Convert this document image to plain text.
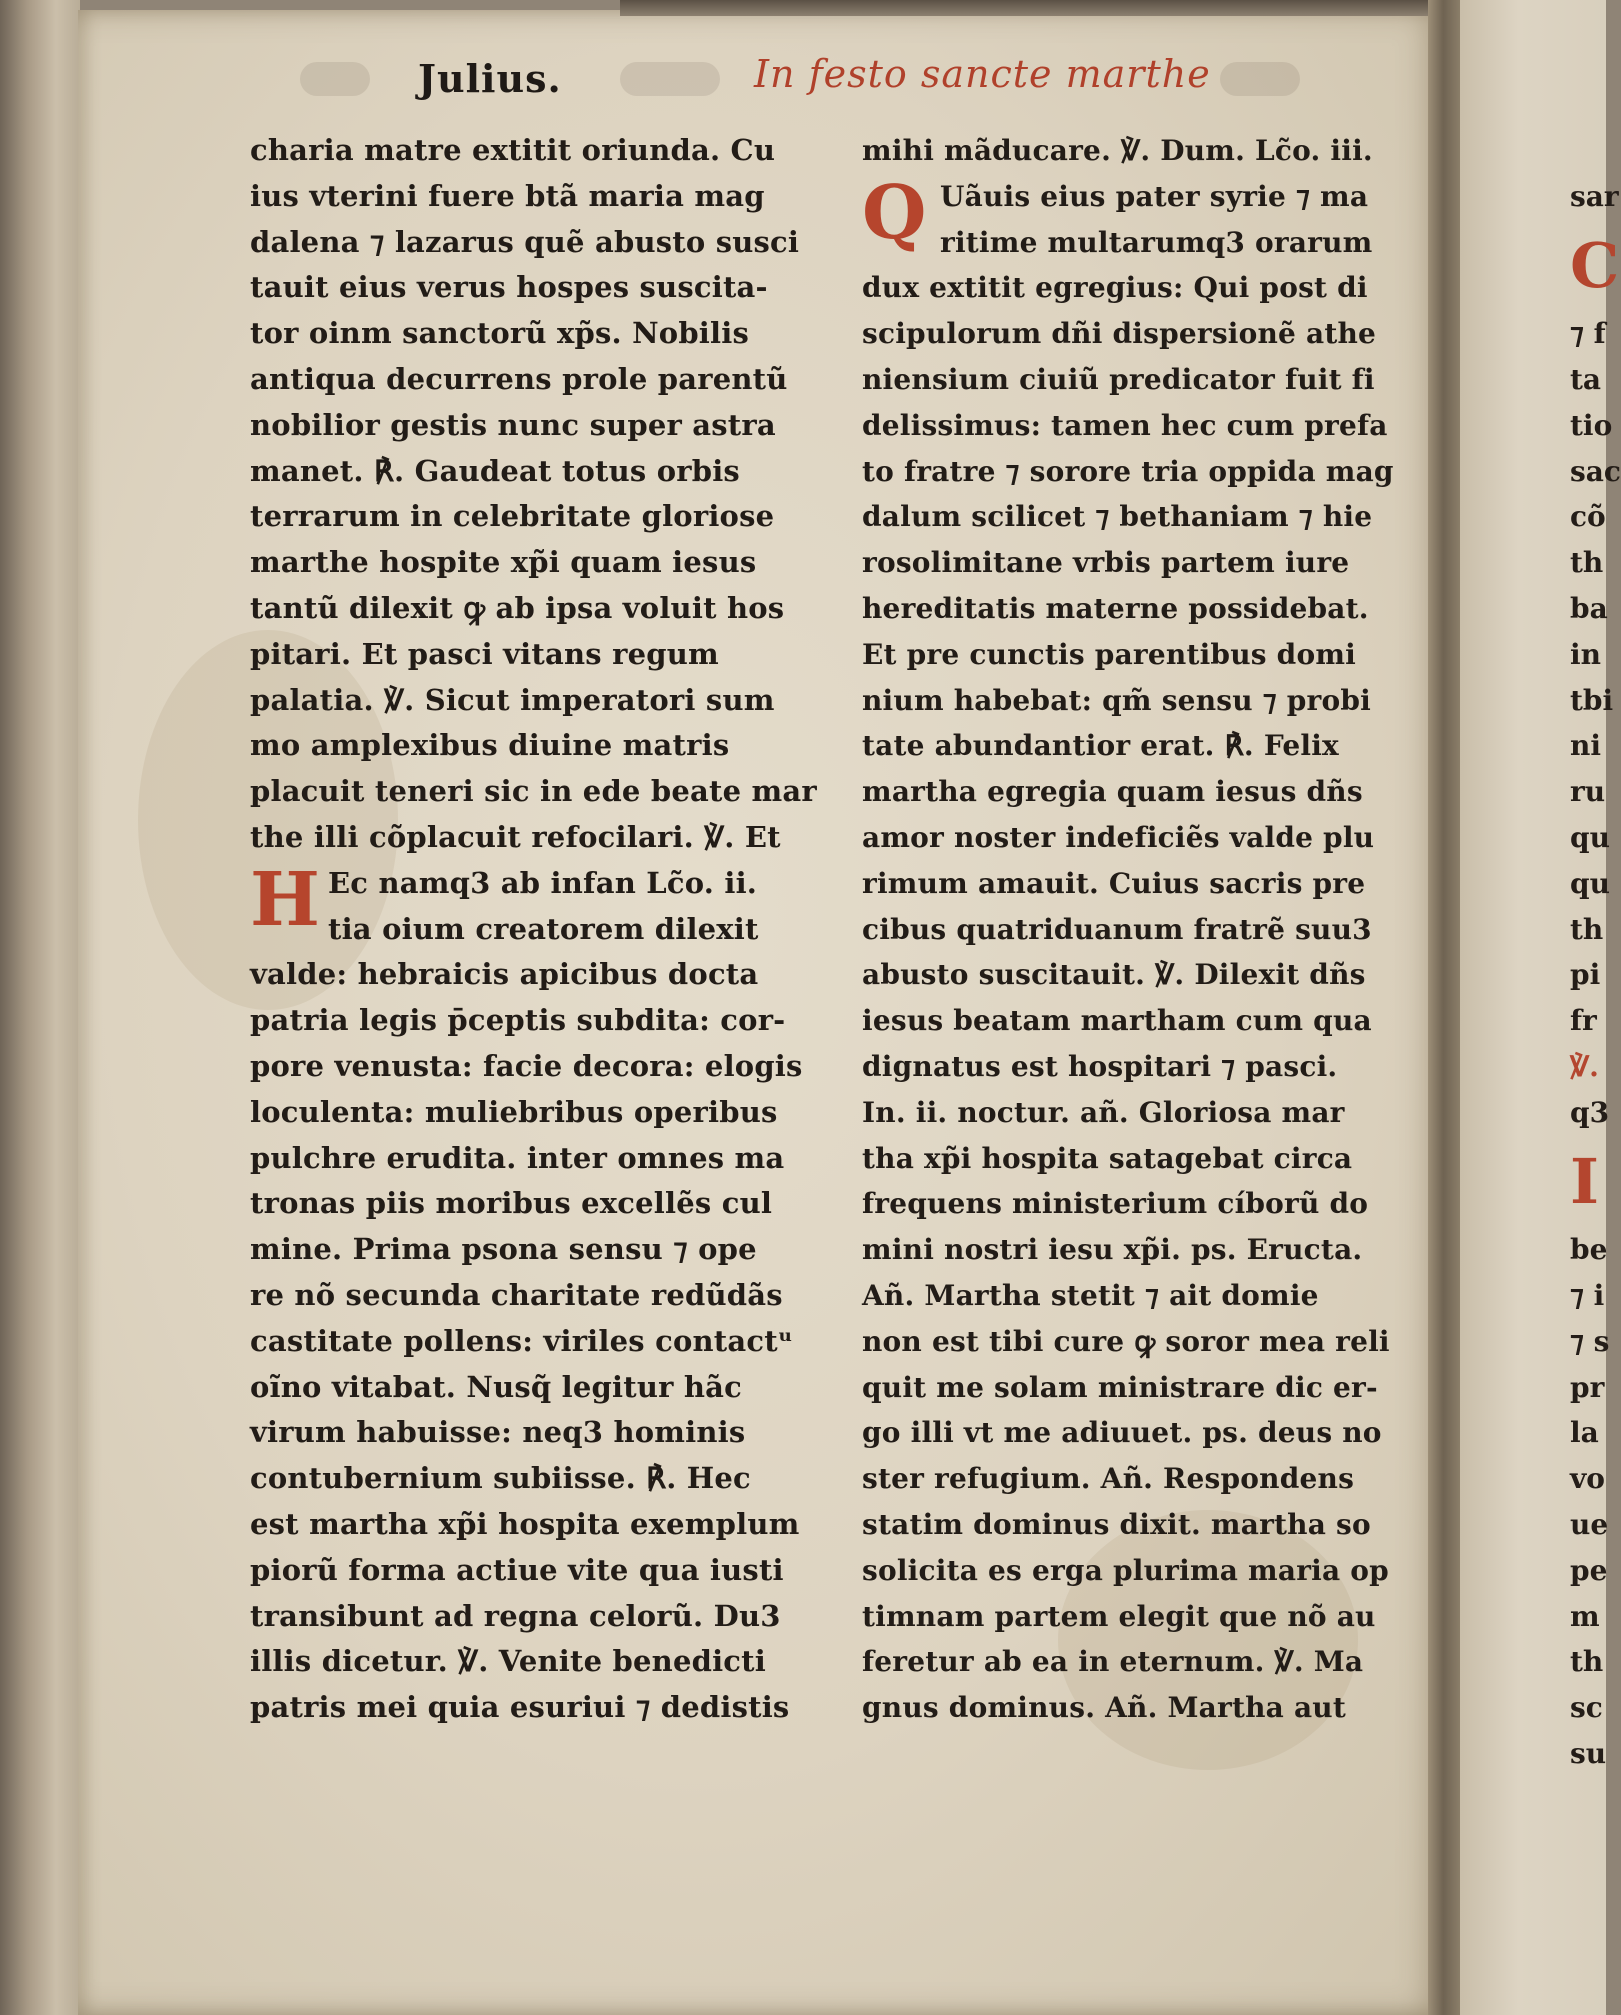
Julius.	In festo sancte marthe
charia matre extitit oriunda. Cu
ius vterini fuere btã maria mag
dalena ⁊ lazarus quẽ abusto susci
tauit eius verus hospes suscita-
tor oinm sanctorũ xp̃s. Nobilis
antiqua decurrens prole parentũ
nobilior gestis nunc super astra
manet. ℟. Gaudeat totus orbis
terrarum in celebritate gloriose
marthe hospite xp̃i quam iesus
tantũ dilexit ꝙ ab ipsa voluit hos
pitari. Et pasci vitans regum
palatia. ℣. Sicut imperatori sum
mo amplexibus diuine matris
placuit teneri sic in ede beate mar
the illi cõplacuit refocilari. ℣. Et
H Ec namq3 ab infan Lc̃o. ii.
tia oium creatorem dilexit
valde: hebraicis apicibus docta
patria legis p̄ceptis subdita: cor-
pore venusta: facie decora: elogis
loculenta: muliebribus operibus
pulchre erudita. inter omnes ma
tronas piis moribus excellẽs cul
mine. Prima psona sensu ⁊ ope
re nõ secunda charitate redũdãs
castitate pollens: viriles contactᵘ
oĩno vitabat. Nusq̃ legitur hãc
virum habuisse: neq3 hominis
contubernium subiisse. ℟. Hec
est martha xp̃i hospita exemplum
piorũ forma actiue vite qua iusti
transibunt ad regna celorũ. Du3
illis dicetur. ℣. Venite benedicti
patris mei quia esuriui ⁊ dedistis
mihi mãducare. ℣. Dum. Lc̃o. iii.
Q Uãuis eius pater syrie ⁊ ma
ritime multarumq3 orarum
dux extitit egregius: Qui post di
scipulorum dñi dispersionẽ athe
niensium ciuiũ predicator fuit fi
delissimus: tamen hec cum prefa
to fratre ⁊ sorore tria oppida mag
dalum scilicet ⁊ bethaniam ⁊ hie
rosolimitane vrbis partem iure
hereditatis materne possidebat.
Et pre cunctis parentibus domi
nium habebat: qm̃ sensu ⁊ probi
tate abundantior erat. ℟. Felix
martha egregia quam iesus dñs
amor noster indeficiẽs valde plu
rimum amauit. Cuius sacris pre
cibus quatriduanum fratrẽ suu3
abusto suscitauit. ℣. Dilexit dñs
iesus beatam martham cum qua
dignatus est hospitari ⁊ pasci.
In. ii. noctur. añ. Gloriosa mar
tha xp̃i hospita satagebat circa
frequens ministerium cíborũ do
mini nostri iesu xp̃i. ps. Eructa.
Añ. Martha stetit ⁊ ait domie
non est tibi cure ꝙ soror mea reli
quit me solam ministrare dic er-
go illi vt me adiuuet. ps. deus no
ster refugium. Añ. Respondens
statim dominus dixit. martha so
solicita es erga plurima maria op
timnam partem elegit que nõ au
feretur ab ea in eternum. ℣. Ma
gnus dominus. Añ. Martha aut
sar
C
⁊ f
ta
tio
sac
cõ
th
ba
in
tbi
ni
ru
qu
qu
th
pi
fr
℣.
q3
I
be
⁊ i
⁊ s
pr
la
vo
ue
pe
m
th
sc
su
